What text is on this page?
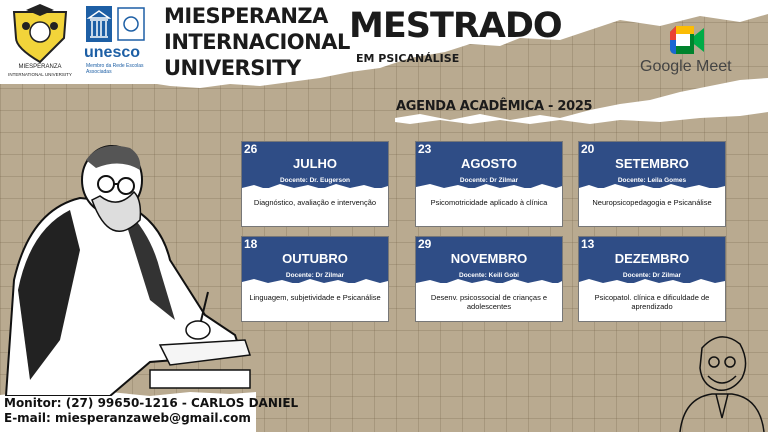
MIESPERANZA
INTERNATIONAL UNIVERSITY
unesco
Membro da Rede Escolas Associadas
MIESPERANZA
INTERNACIONAL
UNIVERSITY
MESTRADO
EM PSICANÁLISE	Google Meet
AGENDA ACADÊMICA - 2025
26
JULHO
Docente: Dr. Eugerson
Diagnóstico, avaliação e intervenção
23
AGOSTO
Docente: Dr Zilmar
Psicomotricidade aplicado à clínica
20
SETEMBRO
Docente: Leila Gomes
Neuropsicopedagogia e Psicanálise
18
OUTUBRO
Docente: Dr Zilmar
Linguagem, subjetividade e Psicanálise
29
NOVEMBRO
Docente: Keili Gobi
Desenv. psicossocial de crianças e adolescentes
13
DEZEMBRO
Docente: Dr Zilmar
Psicopatol. clínica e dificuldade de aprendizado
Monitor: (27) 99650-1216 - CARLOS DANIEL
E-mail: miesperanzaweb@gmail.com
